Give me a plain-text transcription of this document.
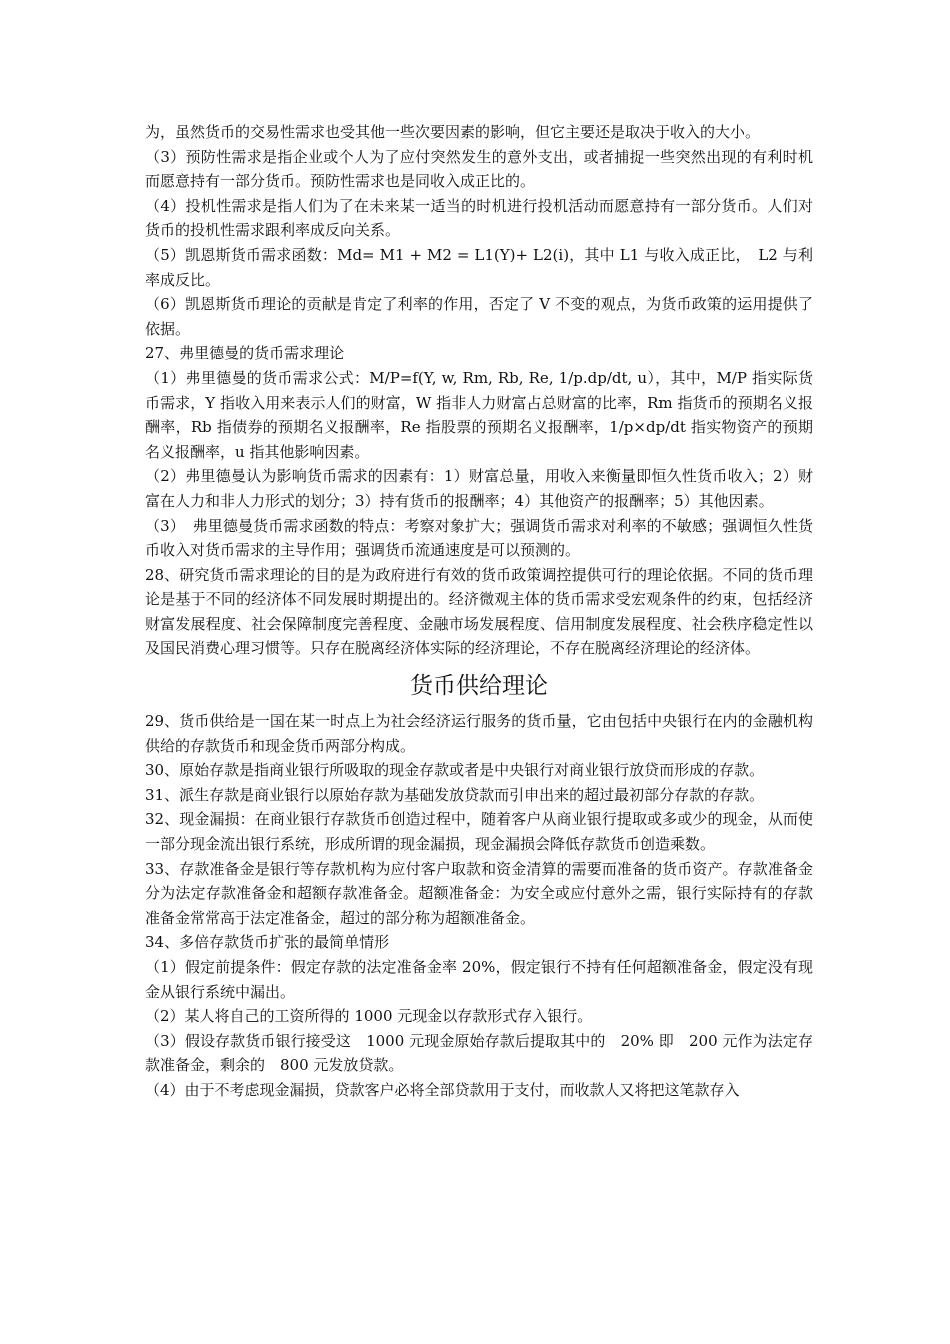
为，虽然货币的交易性需求也受其他一些次要因素的影响，但它主要还是取决于收入的大小。

（3）预防性需求是指企业或个人为了应付突然发生的意外支出，或者捕捉一些突然出现的有利时机而愿意持有一部分货币。预防性需求也是同收入成正比的。

（4）投机性需求是指人们为了在未来某一适当的时机进行投机活动而愿意持有一部分货币。人们对货币的投机性需求跟利率成反向关系。

（5）凯恩斯货币需求函数：Md= M1 + M2 = L1(Y)+ L2(i)，其中 L1 与收入成正比，　L2 与利率成反比。

（6）凯恩斯货币理论的贡献是肯定了利率的作用，否定了 V 不变的观点，为货币政策的运用提供了依据。

27、弗里德曼的货币需求理论

（1）弗里德曼的货币需求公式：M/P=f(Y, w, Rm, Rb, Re, 1/p.dp/dt, u），其中，M/P 指实际货币需求，Y 指收入用来表示人们的财富，W 指非人力财富占总财富的比率，Rm 指货币的预期名义报酬率，Rb 指债券的预期名义报酬率，Re 指股票的预期名义报酬率，1/p×dp/dt 指实物资产的预期名义报酬率，u 指其他影响因素。

（2）弗里德曼认为影响货币需求的因素有：1）财富总量，用收入来衡量即恒久性货币收入；2）财富在人力和非人力形式的划分；3）持有货币的报酬率；4）其他资产的报酬率；5）其他因素。

（3）　弗里德曼货币需求函数的特点：考察对象扩大；强调货币需求对利率的不敏感；强调恒久性货币收入对货币需求的主导作用；强调货币流通速度是可以预测的。

28、研究货币需求理论的目的是为政府进行有效的货币政策调控提供可行的理论依据。不同的货币理论是基于不同的经济体不同发展时期提出的。经济微观主体的货币需求受宏观条件的约束，包括经济财富发展程度、社会保障制度完善程度、金融市场发展程度、信用制度发展程度、社会秩序稳定性以及国民消费心理习惯等。只存在脱离经济体实际的经济理论，不存在脱离经济理论的经济体。

货币供给理论

29、货币供给是一国在某一时点上为社会经济运行服务的货币量，它由包括中央银行在内的金融机构供给的存款货币和现金货币两部分构成。

30、原始存款是指商业银行所吸取的现金存款或者是中央银行对商业银行放贷而形成的存款。

31、派生存款是商业银行以原始存款为基础发放贷款而引申出来的超过最初部分存款的存款。

32、现金漏损：在商业银行存款货币创造过程中，随着客户从商业银行提取或多或少的现金，从而使一部分现金流出银行系统，形成所谓的现金漏损，现金漏损会降低存款货币创造乘数。

33、存款准备金是银行等存款机构为应付客户取款和资金清算的需要而准备的货币资产。存款准备金分为法定存款准备金和超额存款准备金。超额准备金：为安全或应付意外之需，银行实际持有的存款准备金常常高于法定准备金，超过的部分称为超额准备金。

34、多倍存款货币扩张的最简单情形

（1）假定前提条件：假定存款的法定准备金率 20%，假定银行不持有任何超额准备金，假定没有现金从银行系统中漏出。

（2）某人将自己的工资所得的 1000 元现金以存款形式存入银行。

（3）假设存款货币银行接受这　1000 元现金原始存款后提取其中的　20% 即　200 元作为法定存款准备金，剩余的　800 元发放贷款。

（4）由于不考虑现金漏损，贷款客户必将全部贷款用于支付，而收款人又将把这笔款存入
